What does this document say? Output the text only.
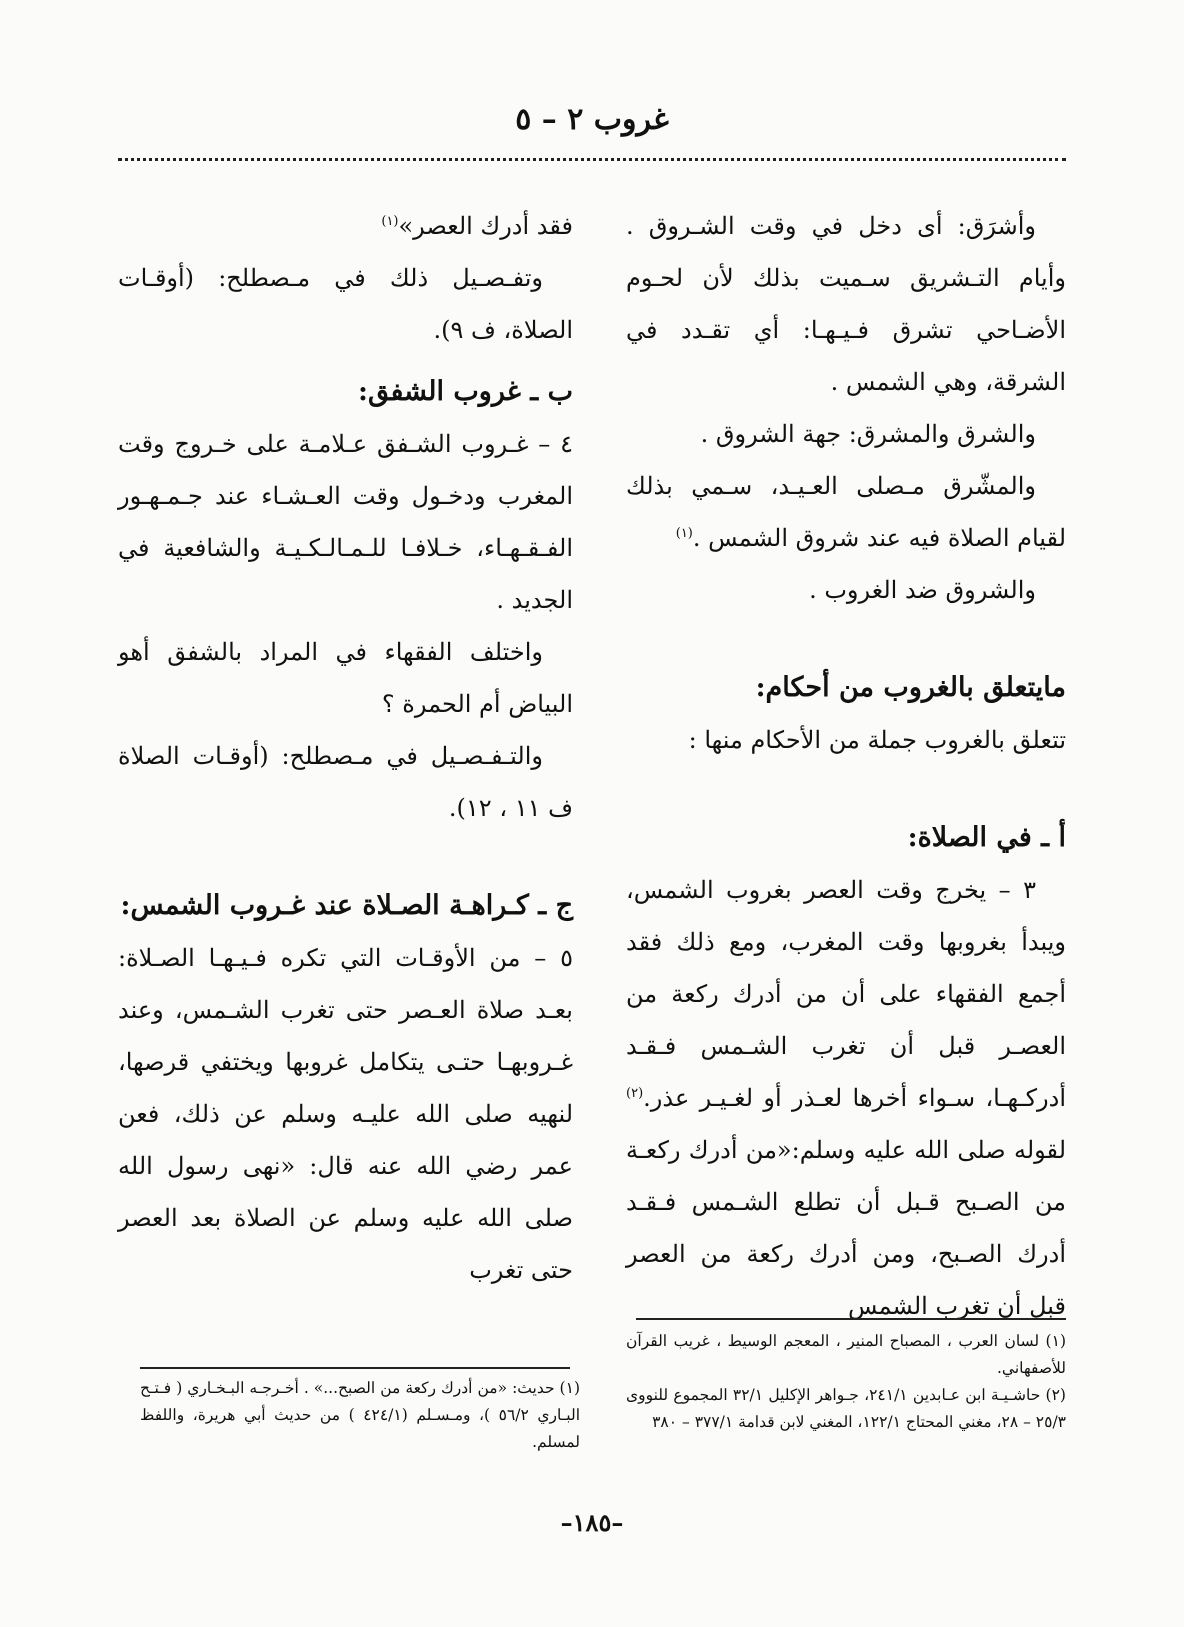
غروب ٢ – ٥

وأشرَق: أى دخل في وقت الشـروق . وأيام التـشريق سـميت بذلك لأن لحـوم الأضـاحي تشرق فـيـهـا: أي تقـدد في الشرقة، وهي الشمس .

والشرق والمشرق: جهة الشروق .

والمشّرق مـصلى العـيـد، سـمي بذلك لقيام الصلاة فيه عند شروق الشمس .$^{(١)}$

والشروق ضد الغروب .

مايتعلق بالغروب من أحكام:

تتعلق بالغروب جملة من الأحكام منها :

أ ـ في الصلاة:

٣ – يخرج وقت العصر بغروب الشمس، ويبدأ بغروبها وقت المغرب، ومع ذلك فقد أجمع الفقهاء على أن من أدرك ركعة من العصـر قبل أن تغرب الشـمس فـقـد أدركـهـا، سـواء أخرها لعـذر أو لغـيـر عذر.$^{(٢)}$ لقوله صلى الله عليه وسلم:«من أدرك ركعـة من الصـبح قـبل أن تطلع الشـمس فـقـد أدرك الصـبح، ومن أدرك ركعة من العصر قبل أن تغرب الشمس

فقد أدرك العصر»$^{(١)}$

وتفـصـيل ذلك في مـصطلح: (أوقـات الصلاة، ف ٩).

ب ـ غروب الشفق:

٤ – غـروب الشـفق عـلامـة على خـروج وقت المغرب ودخـول وقت العـشـاء عند جـمـهـور الفـقـهـاء، خـلافـا للـمـالـكـيـة والشافعية في الجديد .

واختلف الفقهاء في المراد بالشفق أهو البياض أم الحمرة ؟

والتـفـصـيل في مـصطلح: (أوقـات الصلاة ف ١١ ، ١٢).

ج ـ كـراهـة الصـلاة عند غـروب الشمس:

٥ – من الأوقـات التي تكره فـيـهـا الصـلاة: بعـد صلاة العـصر حتى تغرب الشـمس، وعند غـروبهـا حتـى يتكامل غروبها ويختفي قرصها، لنهيه صلى الله عليـه وسلم عن ذلك، فعن عمر رضي الله عنه قال: «نهى رسول الله صلى الله عليه وسلم عن الصلاة بعد العصر حتى تغرب

(١) لسان العرب ، المصباح المنير ، المعجم الوسيط ، غريب القرآن للأصفهاني.

(٢) حاشـيـة ابن عـابدين ٢٤١/١، جـواهر الإكليل ٣٢/١ المجموع للنووى ٢٥/٣ – ٢٨، مغني المحتاج ١٢٢/١، المغني لابن قدامة ٣٧٧/١ – ٣٨٠

(١) حديث: «من أدرك ركعة من الصبح...» . أخـرجـه البـخـاري ( فـتـح البـاري ٥٦/٢ )، ومـسـلم (٤٢٤/١ ) من حديث أبي هريرة، واللفظ لمسلم.

–١٨٥–
